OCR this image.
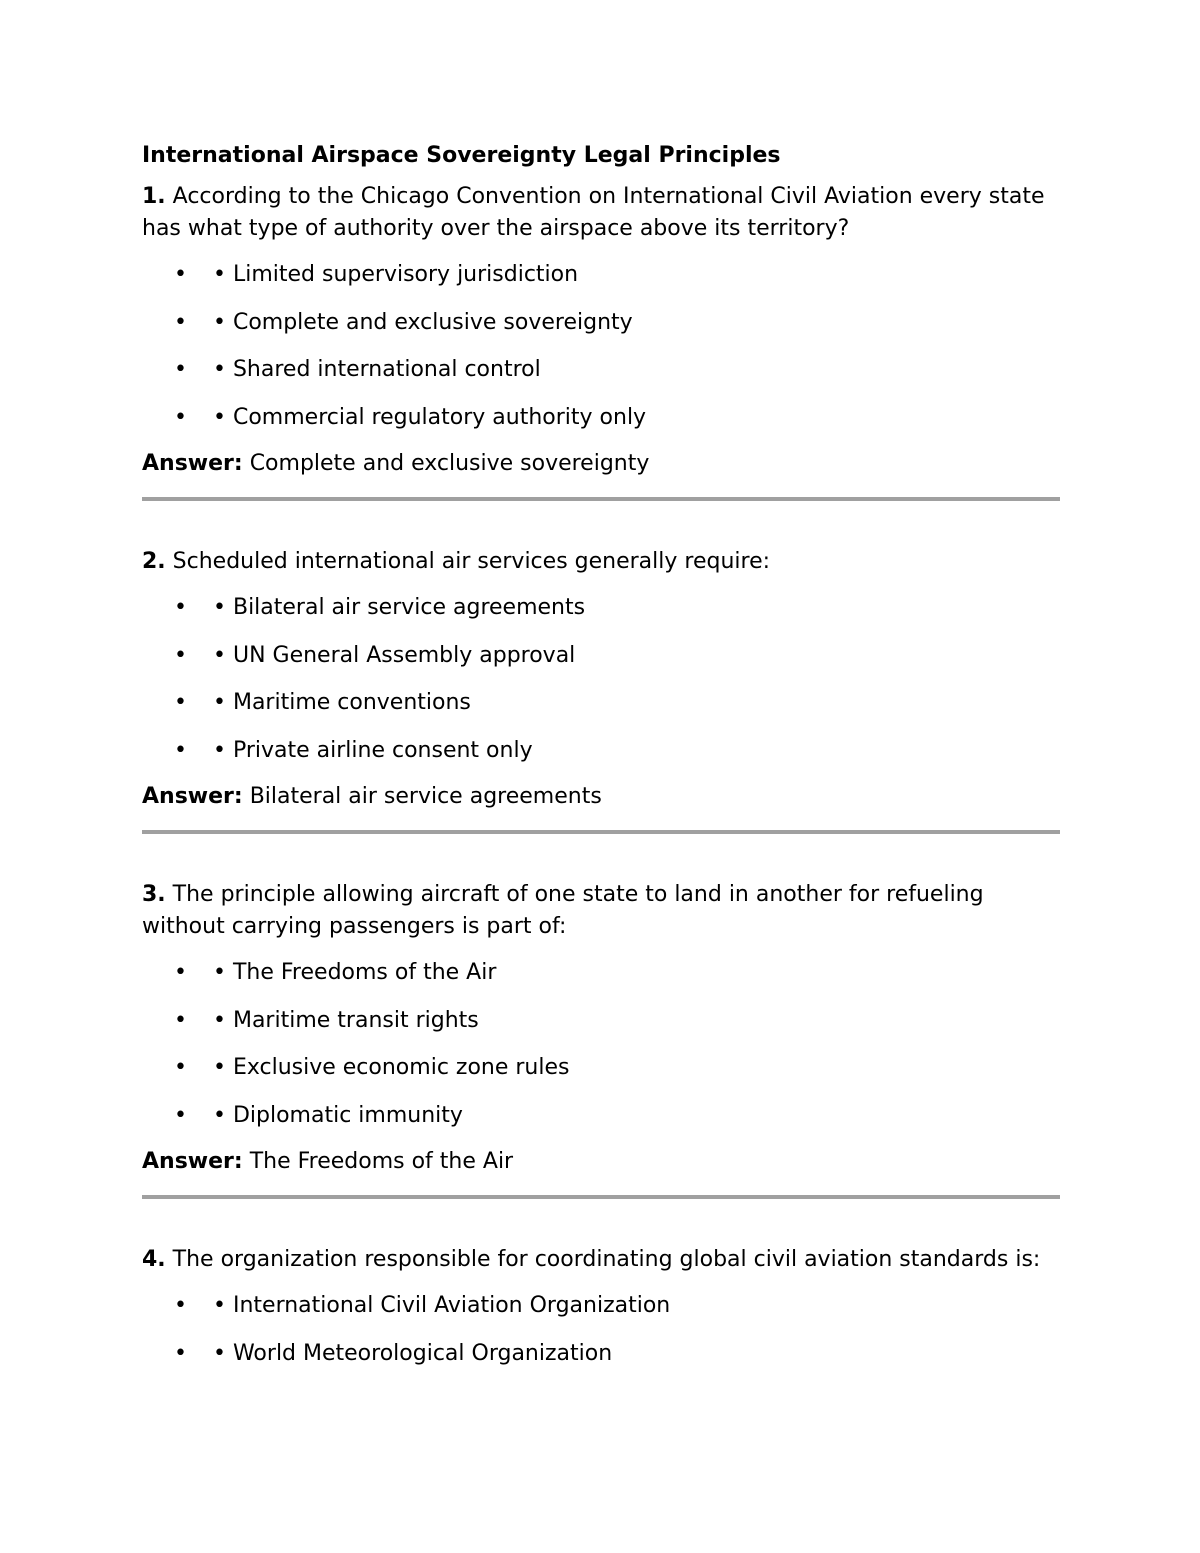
International Airspace Sovereignty Legal Principles

1. According to the Chicago Convention on International Civil Aviation every state has what type of authority over the airspace above its territory?

• • Limited supervisory jurisdiction
• • Complete and exclusive sovereignty
• • Shared international control
• • Commercial regulatory authority only

Answer: Complete and exclusive sovereignty

2. Scheduled international air services generally require:

• • Bilateral air service agreements
• • UN General Assembly approval
• • Maritime conventions
• • Private airline consent only

Answer: Bilateral air service agreements

3. The principle allowing aircraft of one state to land in another for refueling without carrying passengers is part of:

• • The Freedoms of the Air
• • Maritime transit rights
• • Exclusive economic zone rules
• • Diplomatic immunity

Answer: The Freedoms of the Air

4. The organization responsible for coordinating global civil aviation standards is:

• • International Civil Aviation Organization
• • World Meteorological Organization
